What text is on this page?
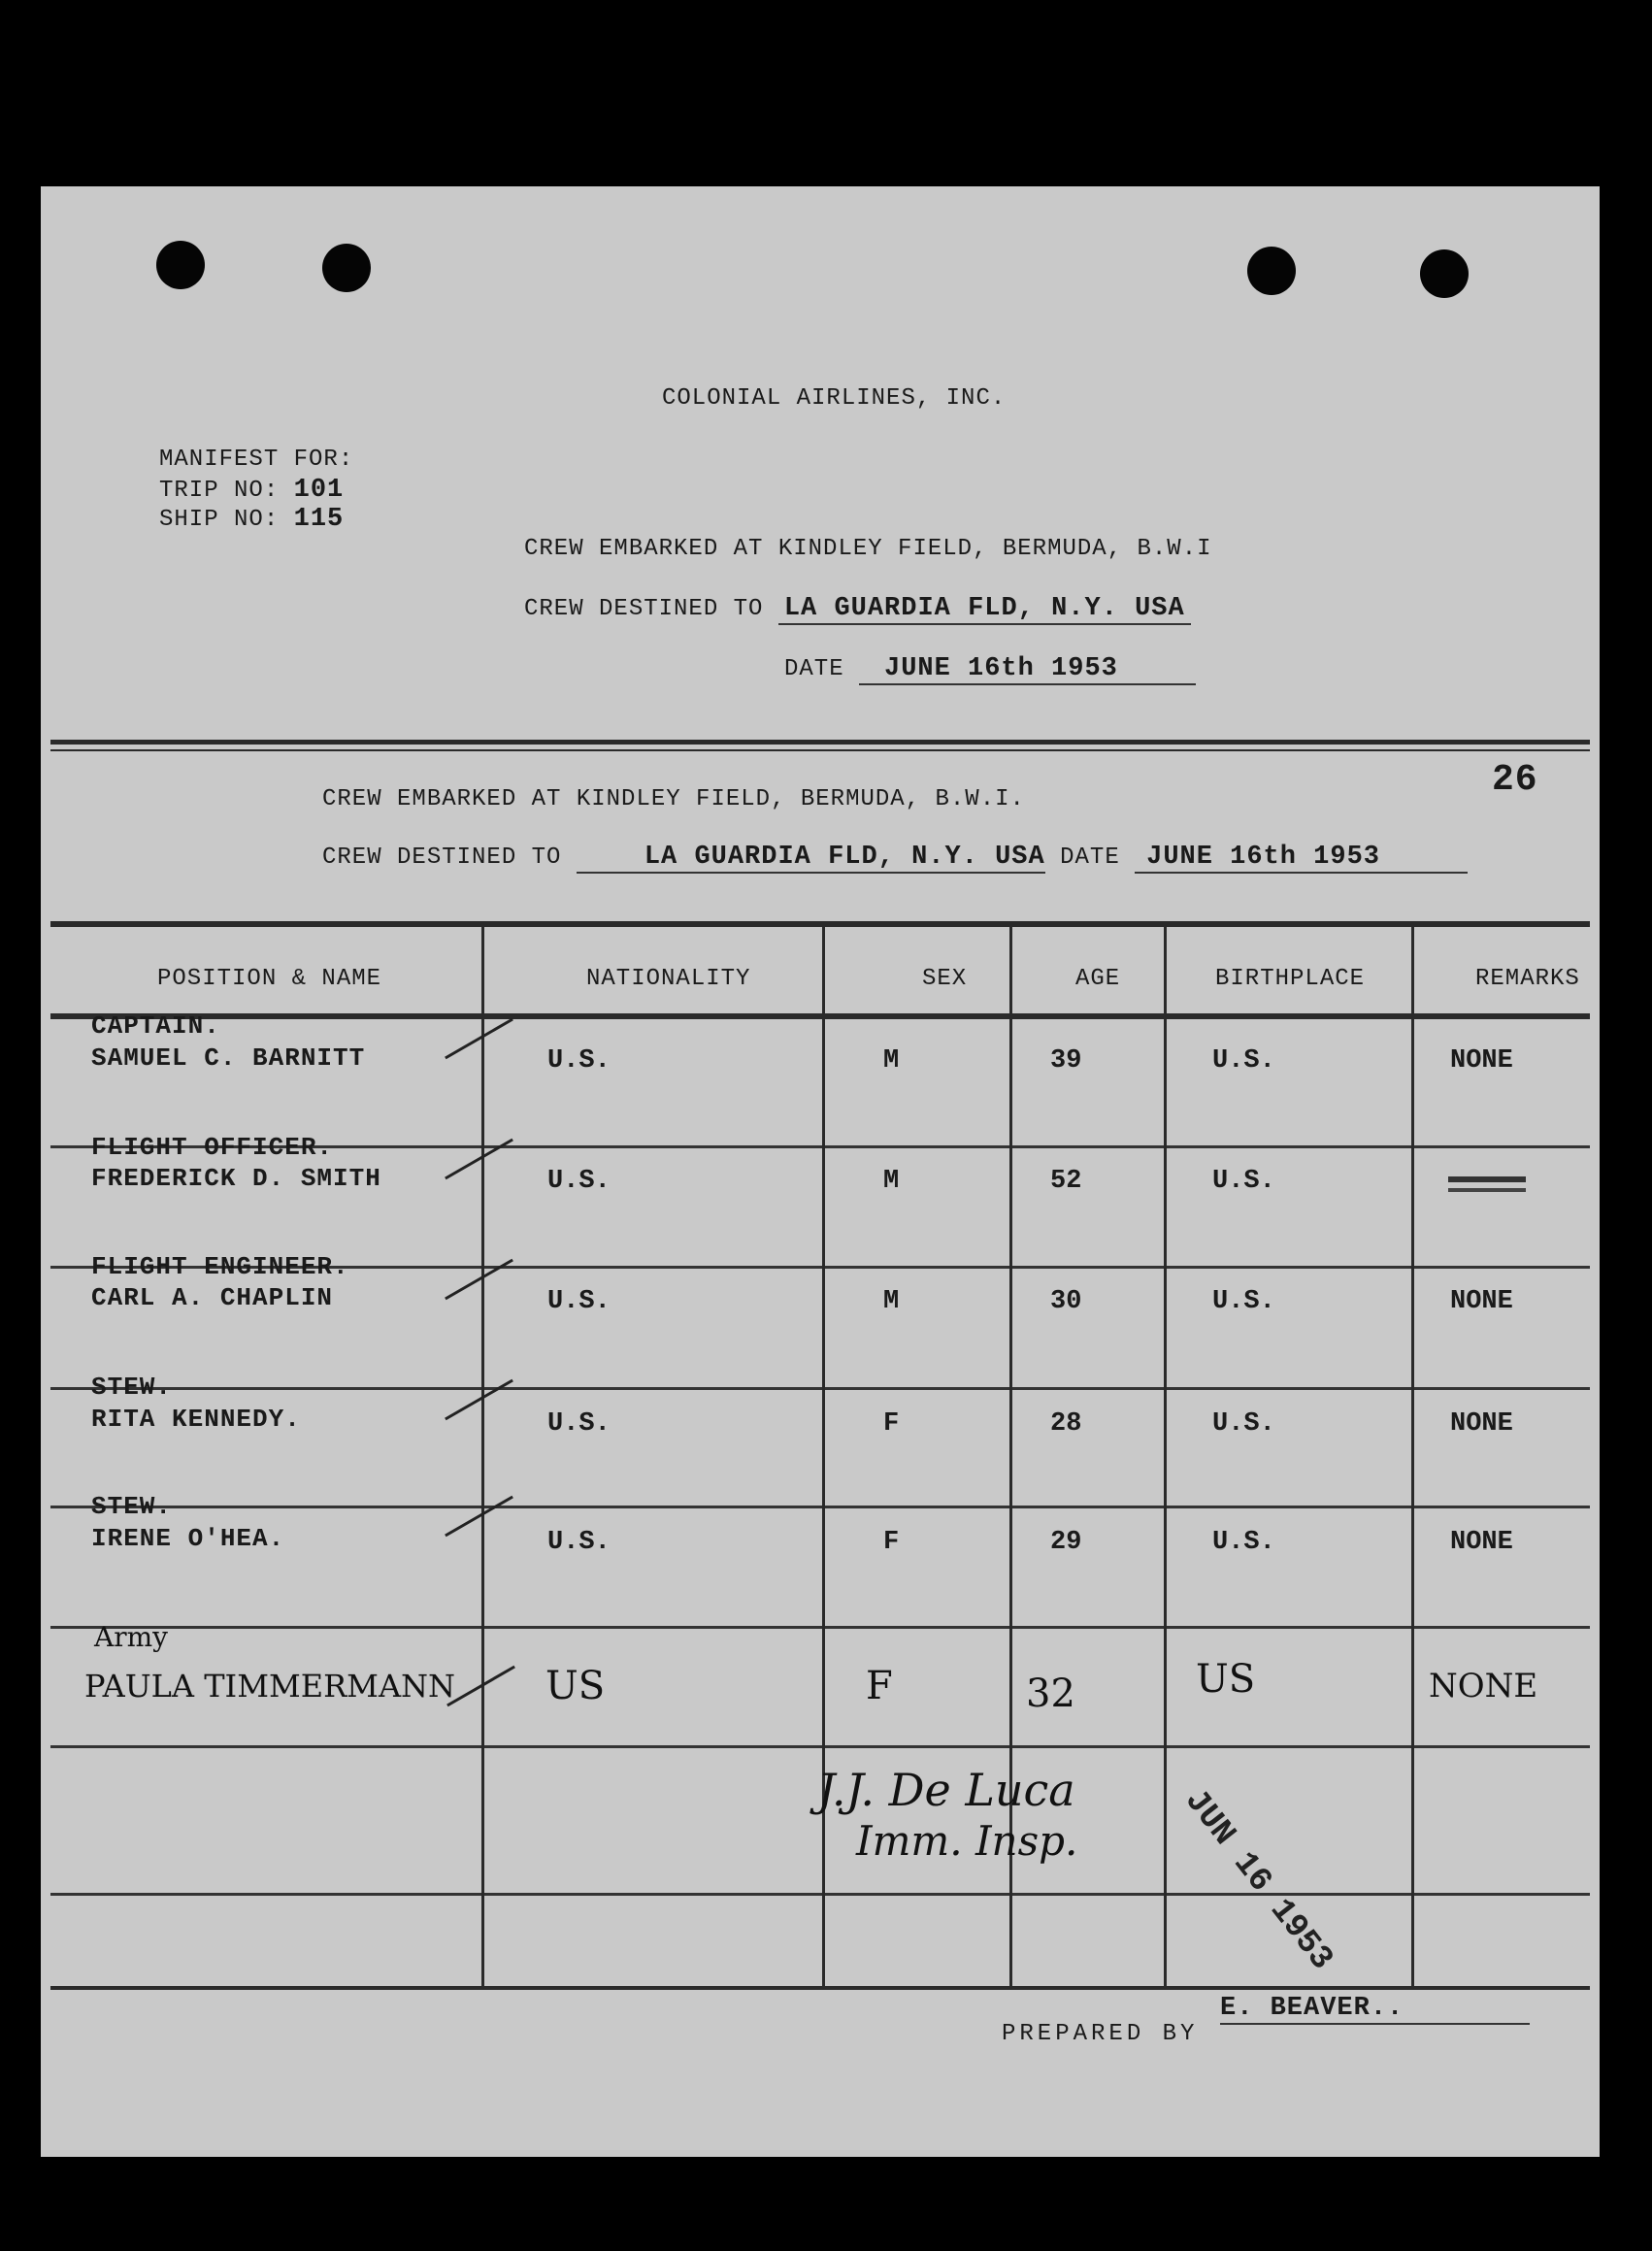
COLONIAL AIRLINES, INC.
MANIFEST FOR:
TRIP NO: 101
SHIP NO: 115
CREW EMBARKED AT KINDLEY FIELD, BERMUDA, B.W.I
CREW DESTINED TO LA GUARDIA FLD, N.Y. USA
DATE JUNE 16th 1953
26
CREW EMBARKED AT KINDLEY FIELD, BERMUDA, B.W.I.
CREW DESTINED TO	LA GUARDIA FLD, N.Y. USA DATE JUNE 16th 1953
POSITION & NAME	NATIONALITY	SEX	AGE	BIRTHPLACE	REMARKS
CAPTAIN.
SAMUEL C. BARNITT	U.S.	M	39	U.S.	NONE
FLIGHT OFFICER.
FREDERICK D. SMITH	U.S.	M	52	U.S.
FLIGHT ENGINEER.
CARL A. CHAPLIN	U.S.	M	30	U.S.	NONE
STEW.
RITA KENNEDY.	U.S.	F	28	U.S.	NONE
STEW.
IRENE O'HEA.	U.S.	F	29	U.S.	NONE
Army
PAULA TIMMERMANN US	F	32	US	NONE
J.J. De Luca
Imm. Insp.	JUN 16 1953
PREPARED BY
E. BEAVER..
